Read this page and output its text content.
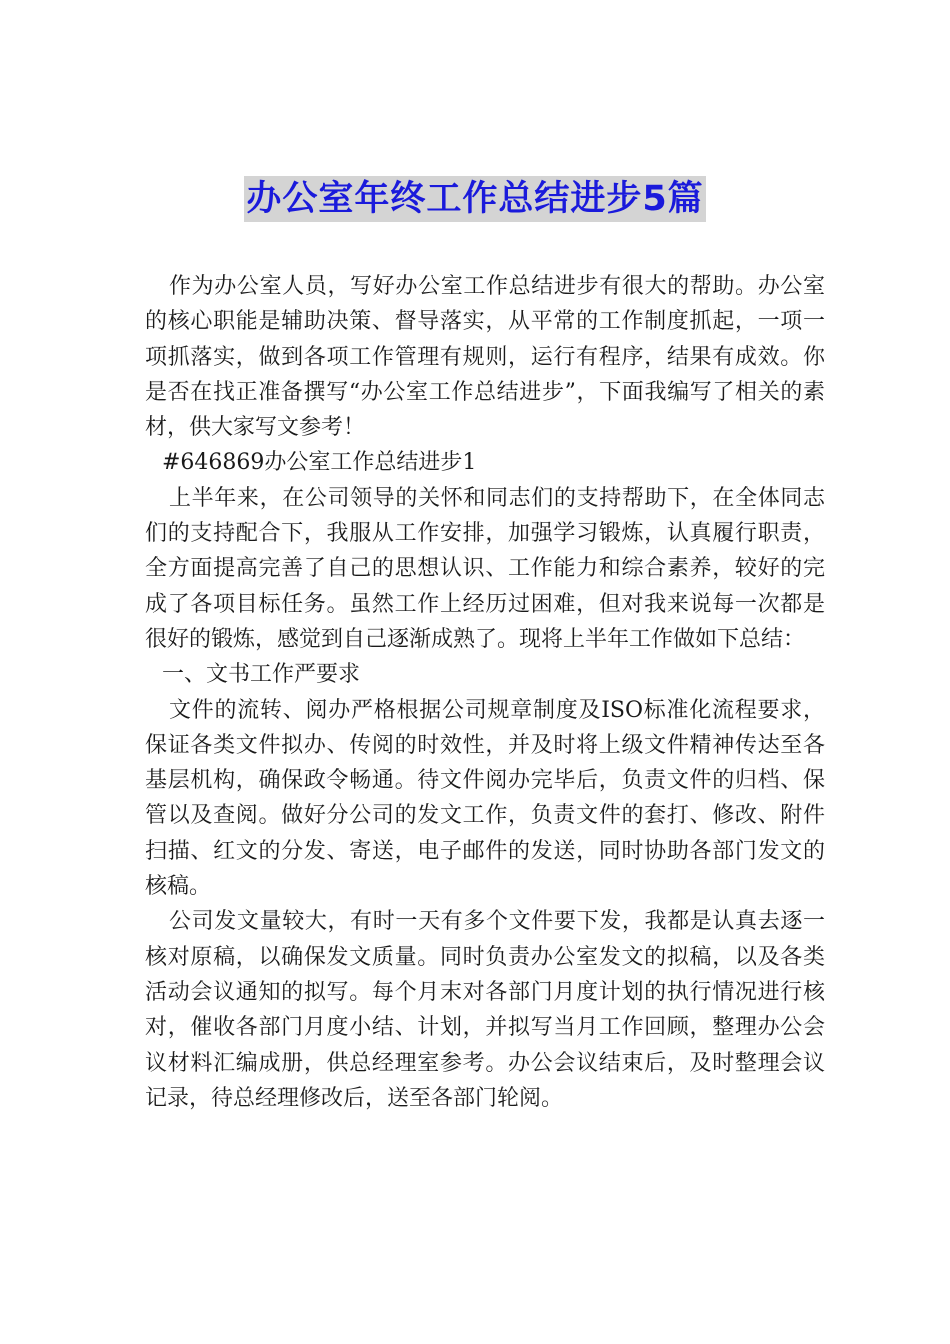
办公室年终工作总结进步5篇

作为办公室人员，写好办公室工作总结进步有很大的帮助。办公室的核心职能是辅助决策、督导落实，从平常的工作制度抓起，一项一项抓落实，做到各项工作管理有规则，运行有程序，结果有成效。你是否在找正准备撰写“办公室工作总结进步”，下面我编写了相关的素材，供大家写文参考！

#646869办公室工作总结进步1

上半年来，在公司领导的关怀和同志们的支持帮助下，在全体同志们的支持配合下，我服从工作安排，加强学习锻炼，认真履行职责，全方面提高完善了自己的思想认识、工作能力和综合素养，较好的完成了各项目标任务。虽然工作上经历过困难，但对我来说每一次都是很好的锻炼，感觉到自己逐渐成熟了。现将上半年工作做如下总结：

一、文书工作严要求

文件的流转、阅办严格根据公司规章制度及ISO标准化流程要求，保证各类文件拟办、传阅的时效性，并及时将上级文件精神传达至各基层机构，确保政令畅通。待文件阅办完毕后，负责文件的归档、保管以及查阅。做好分公司的发文工作，负责文件的套打、修改、附件扫描、红文的分发、寄送，电子邮件的发送，同时协助各部门发文的核稿。

公司发文量较大，有时一天有多个文件要下发，我都是认真去逐一核对原稿，以确保发文质量。同时负责办公室发文的拟稿，以及各类活动会议通知的拟写。每个月末对各部门月度计划的执行情况进行核对，催收各部门月度小结、计划，并拟写当月工作回顾，整理办公会议材料汇编成册，供总经理室参考。办公会议结束后，及时整理会议记录，待总经理修改后，送至各部门轮阅。
